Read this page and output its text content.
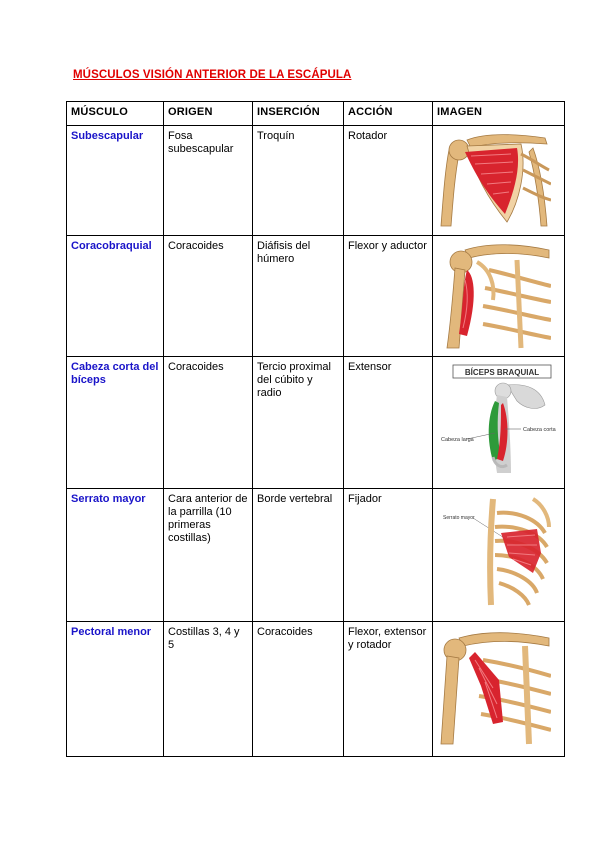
MÚSCULOS VISIÓN ANTERIOR DE LA ESCÁPULA
MÚSCULO	ORIGEN	INSERCIÓN	ACCIÓN	IMAGEN
Subescapular	Fosa subescapular	Troquín	Rotador	

Coracobraquial	Coracoides	Diáfisis del húmero	Flexor y aductor	

Cabeza corta del bíceps	Coracoides	Tercio proximal del cúbito y radio	Extensor	BÍCEPS BRAQUIAL
Cabeza larga
Cabeza corta

Serrato mayor	Cara anterior de la parrilla (10 primeras costillas)	Borde vertebral	Fijador	Serrato mayor

Pectoral menor	Costillas 3, 4 y 5	Coracoides	Flexor, extensor y rotador	
